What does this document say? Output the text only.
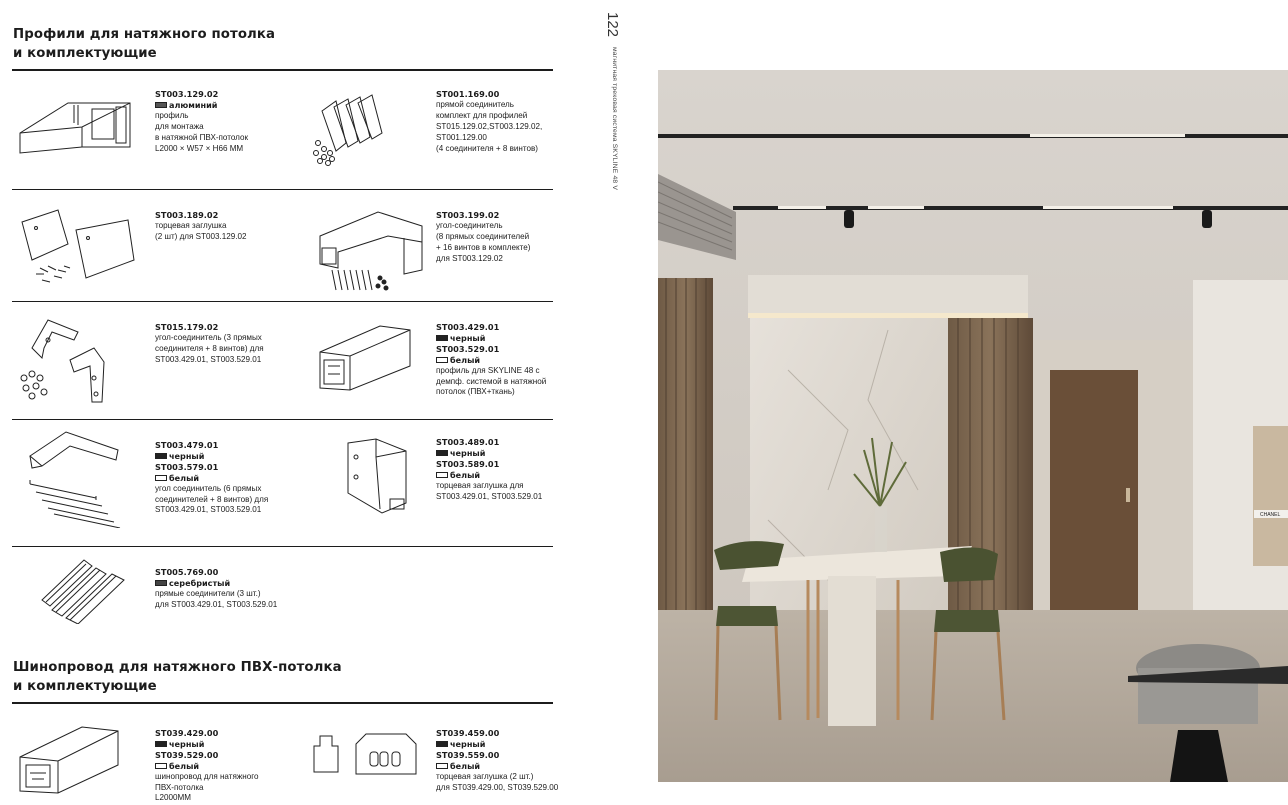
Профили для натяжного потолка
и комплектующие
122
магнитная трековая система SKYLINE 48 V
Шинопровод для натяжного ПВХ-потолка
и комплектующие
ST003.129.02
алюминий
профиль
для монтажа
в натяжной ПВХ-потолок
L2000 × W57 × H66 MM
ST001.169.00
прямой соединитель
комплект для профилей
ST015.129.02,ST003.129.02,
ST001.129.00
(4 соединителя + 8 винтов)
ST003.189.02
торцевая заглушка
(2 шт) для ST003.129.02
ST003.199.02
угол-соединитель
(8 прямых соединителей
+ 16 винтов в комплекте)
для ST003.129.02
ST015.179.02
угол-соединитель (3 прямых
соединителя + 8 винтов) для
ST003.429.01, ST003.529.01
ST003.429.01
черный
ST003.529.01
белый
профиль для SKYLINE 48 с
демпф. системой в натяжной
потолок (ПВХ+ткань)
ST003.479.01
черный
ST003.579.01
белый
угол соединитель (6 прямых
соединителей + 8 винтов) для
ST003.429.01, ST003.529.01
ST003.489.01
черный
ST003.589.01
белый
торцевая заглушка для
ST003.429.01, ST003.529.01
ST005.769.00
серебристый
прямые соединители (3 шт.)
для ST003.429.01, ST003.529.01
ST039.429.00
черный
ST039.529.00
белый
шинопровод для натяжного
ПВХ-потолка
L2000MM
ST039.459.00
черный
ST039.559.00
белый
торцевая заглушка (2 шт.)
для ST039.429.00, ST039.529.00
CHANEL
